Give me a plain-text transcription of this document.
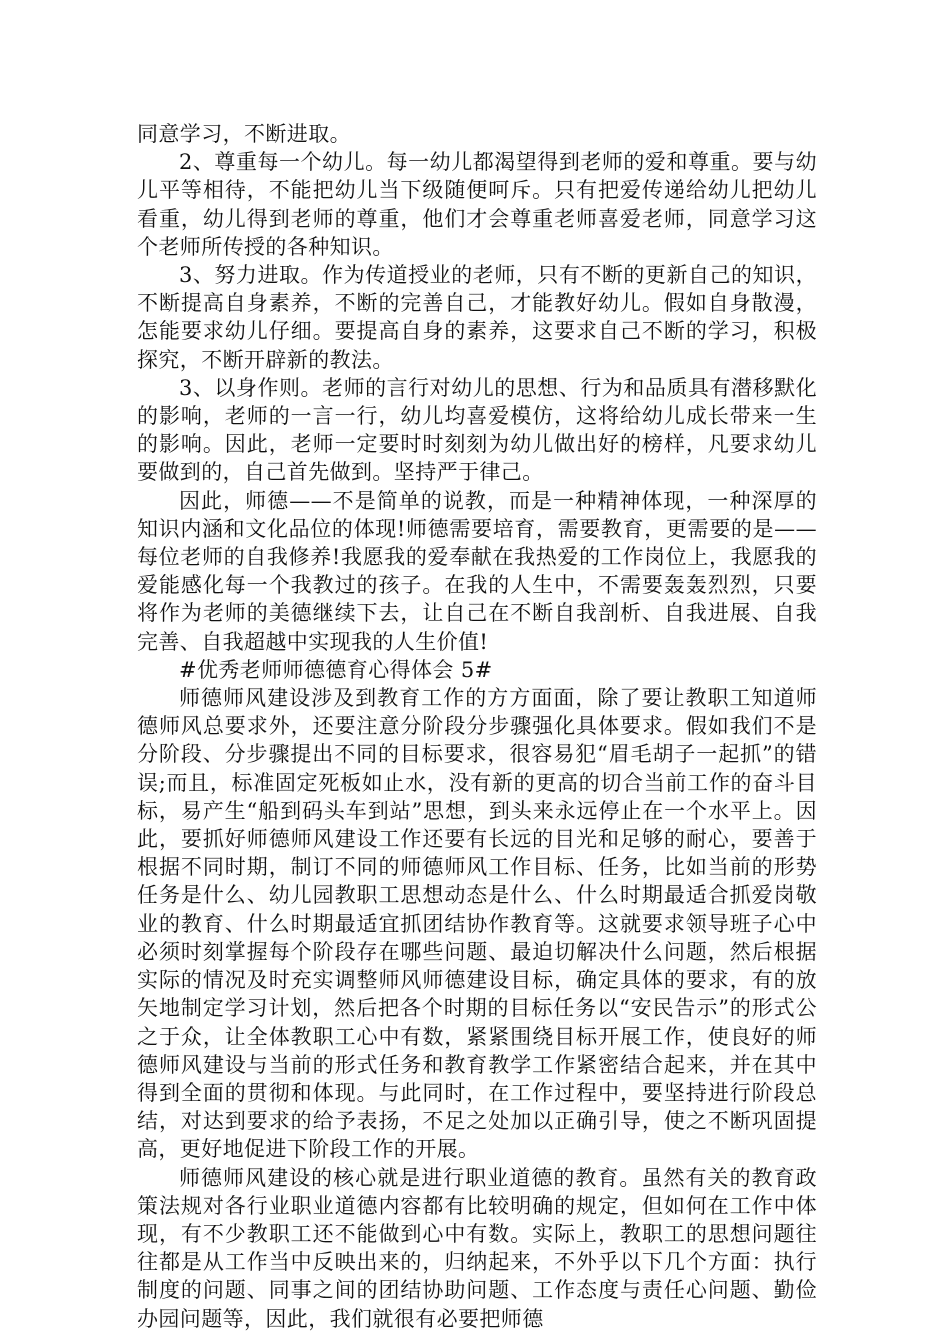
同意学习，不断进取。

2、尊重每一个幼儿。每一幼儿都渴望得到老师的爱和尊重。要与幼儿平等相待，不能把幼儿当下级随便呵斥。只有把爱传递给幼儿把幼儿看重，幼儿得到老师的尊重，他们才会尊重老师喜爱老师，同意学习这个老师所传授的各种知识。

3、努力进取。作为传道授业的老师，只有不断的更新自己的知识，不断提高自身素养，不断的完善自己，才能教好幼儿。假如自身散漫，怎能要求幼儿仔细。要提高自身的素养，这要求自己不断的学习，积极探究，不断开辟新的教法。

3、以身作则。老师的言行对幼儿的思想、行为和品质具有潜移默化的影响，老师的一言一行，幼儿均喜爱模仿，这将给幼儿成长带来一生的影响。因此，老师一定要时时刻刻为幼儿做出好的榜样，凡要求幼儿要做到的，自己首先做到。坚持严于律己。

因此，师德——不是简单的说教，而是一种精神体现，一种深厚的知识内涵和文化品位的体现!师德需要培育，需要教育，更需要的是——每位老师的自我修养!我愿我的爱奉献在我热爱的工作岗位上，我愿我的爱能感化每一个我教过的孩子。在我的人生中，不需要轰轰烈烈，只要将作为老师的美德继续下去，让自己在不断自我剖析、自我进展、自我完善、自我超越中实现我的人生价值!

#优秀老师师德德育心得体会 5#

师德师风建设涉及到教育工作的方方面面，除了要让教职工知道师德师风总要求外，还要注意分阶段分步骤强化具体要求。假如我们不是分阶段、分步骤提出不同的目标要求，很容易犯“眉毛胡子一起抓”的错误;而且，标准固定死板如止水，没有新的更高的切合当前工作的奋斗目标，易产生“船到码头车到站”思想，到头来永远停止在一个水平上。因此，要抓好师德师风建设工作还要有长远的目光和足够的耐心，要善于根据不同时期，制订不同的师德师风工作目标、任务，比如当前的形势任务是什么、幼儿园教职工思想动态是什么、什么时期最适合抓爱岗敬业的教育、什么时期最适宜抓团结协作教育等。这就要求领导班子心中必须时刻掌握每个阶段存在哪些问题、最迫切解决什么问题，然后根据实际的情况及时充实调整师风师德建设目标，确定具体的要求，有的放矢地制定学习计划，然后把各个时期的目标任务以“安民告示”的形式公之于众，让全体教职工心中有数，紧紧围绕目标开展工作，使良好的师德师风建设与当前的形式任务和教育教学工作紧密结合起来，并在其中得到全面的贯彻和体现。与此同时，在工作过程中，要坚持进行阶段总结，对达到要求的给予表扬，不足之处加以正确引导，使之不断巩固提高，更好地促进下阶段工作的开展。

师德师风建设的核心就是进行职业道德的教育。虽然有关的教育政策法规对各行业职业道德内容都有比较明确的规定，但如何在工作中体现，有不少教职工还不能做到心中有数。实际上，教职工的思想问题往往都是从工作当中反映出来的，归纳起来，不外乎以下几个方面：执行制度的问题、同事之间的团结协助问题、工作态度与责任心问题、勤俭办园问题等，因此，我们就很有必要把师德
